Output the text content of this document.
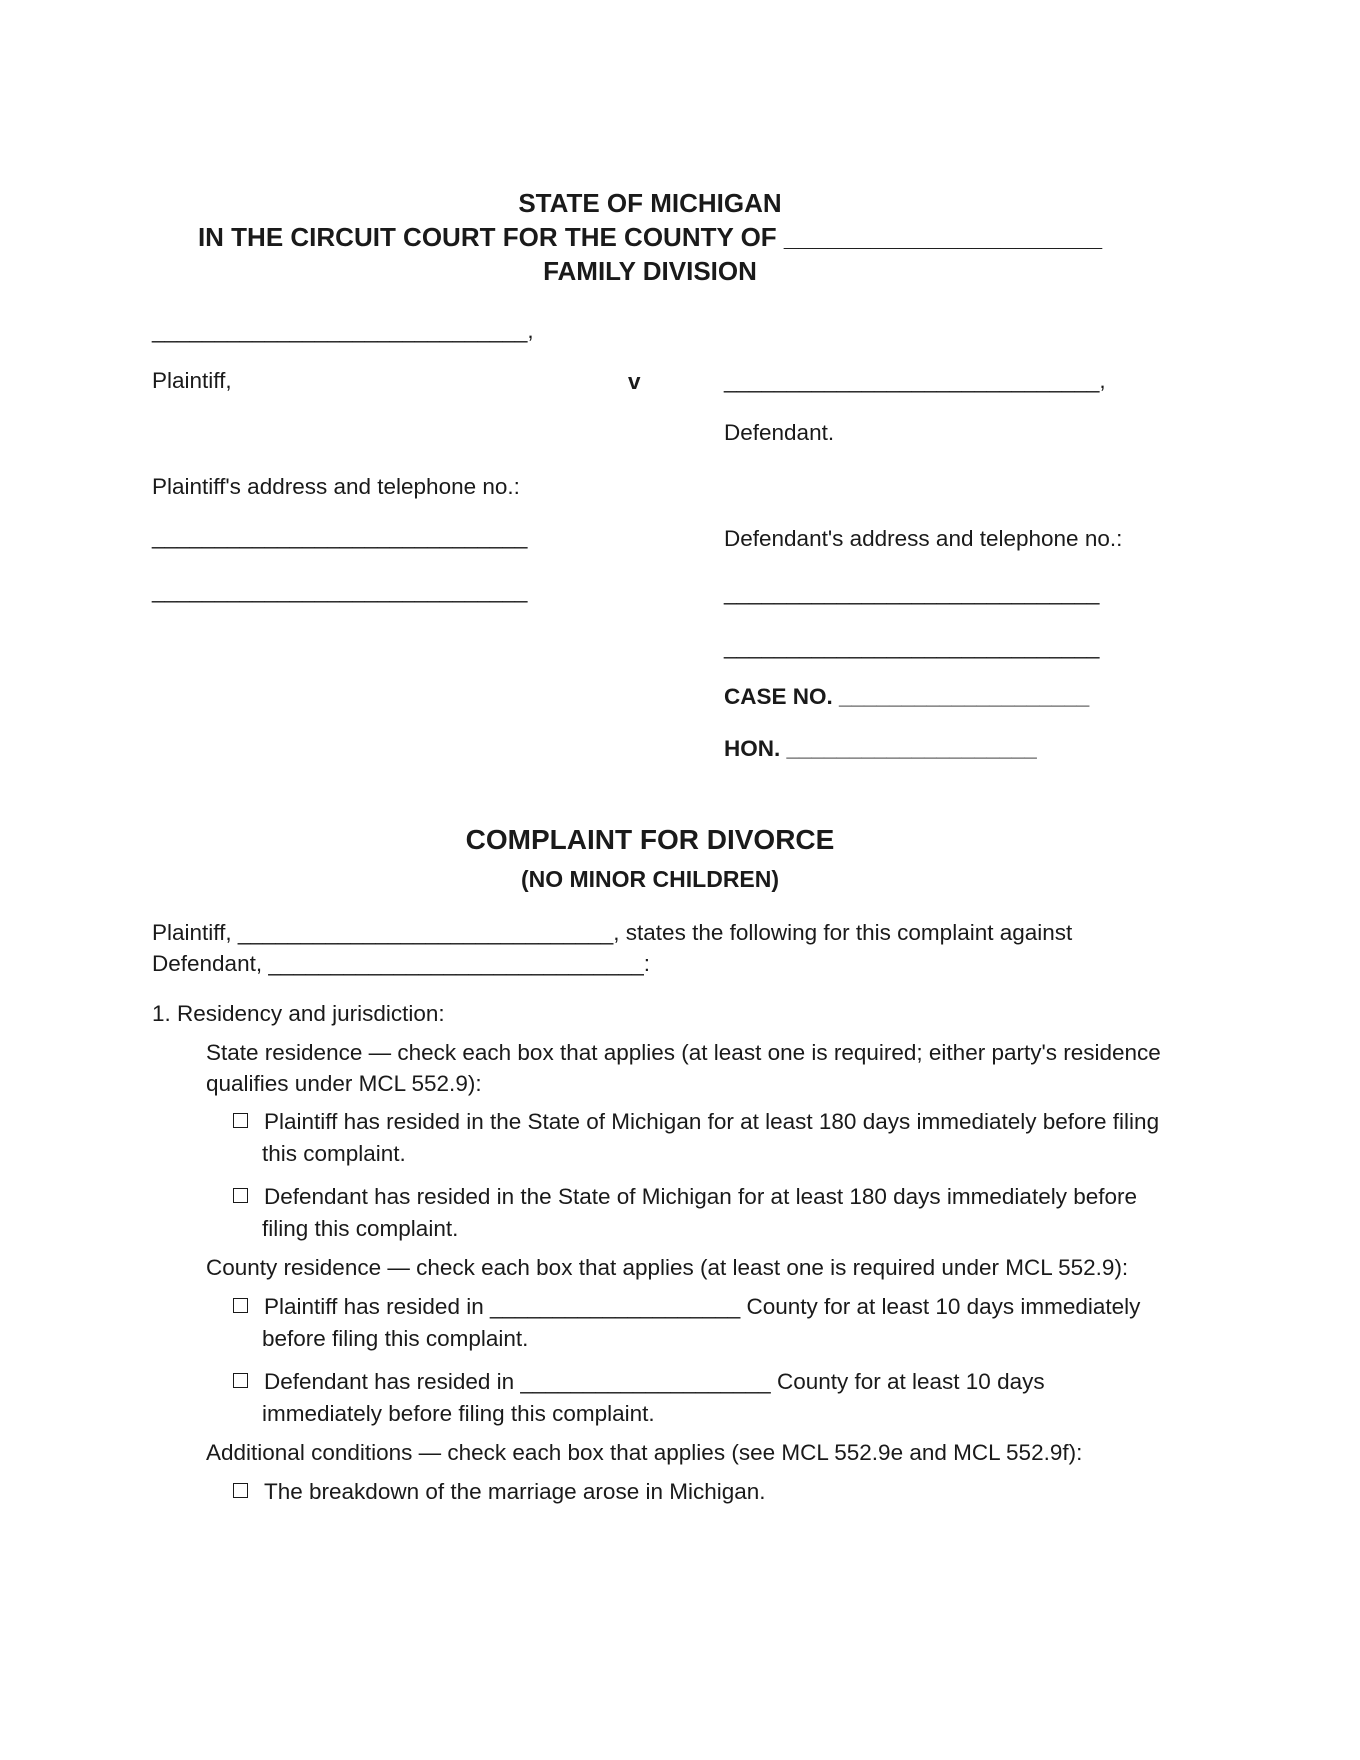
STATE OF MICHIGAN
IN THE CIRCUIT COURT FOR THE COUNTY OF ______________________
FAMILY DIVISION
______________________________,
Plaintiff,	v
Plaintiff's address and telephone no.:
______________________________
______________________________
______________________________,
Defendant.
Defendant's address and telephone no.:
______________________________
______________________________
CASE NO. ____________________
HON. ____________________
COMPLAINT FOR DIVORCE
(NO MINOR CHILDREN)
Plaintiff, ______________________________, states the following for this complaint against
Defendant, ______________________________:
1. Residency and jurisdiction:
State residence — check each box that applies (at least one is required; either party's residence
qualifies under MCL 552.9):
Plaintiff has resided in the State of Michigan for at least 180 days immediately before filing
this complaint.
Defendant has resided in the State of Michigan for at least 180 days immediately before
filing this complaint.
County residence — check each box that applies (at least one is required under MCL 552.9):
Plaintiff has resided in ____________________ County for at least 10 days immediately
before filing this complaint.
Defendant has resided in ____________________ County for at least 10 days
immediately before filing this complaint.
Additional conditions — check each box that applies (see MCL 552.9e and MCL 552.9f):
The breakdown of the marriage arose in Michigan.
